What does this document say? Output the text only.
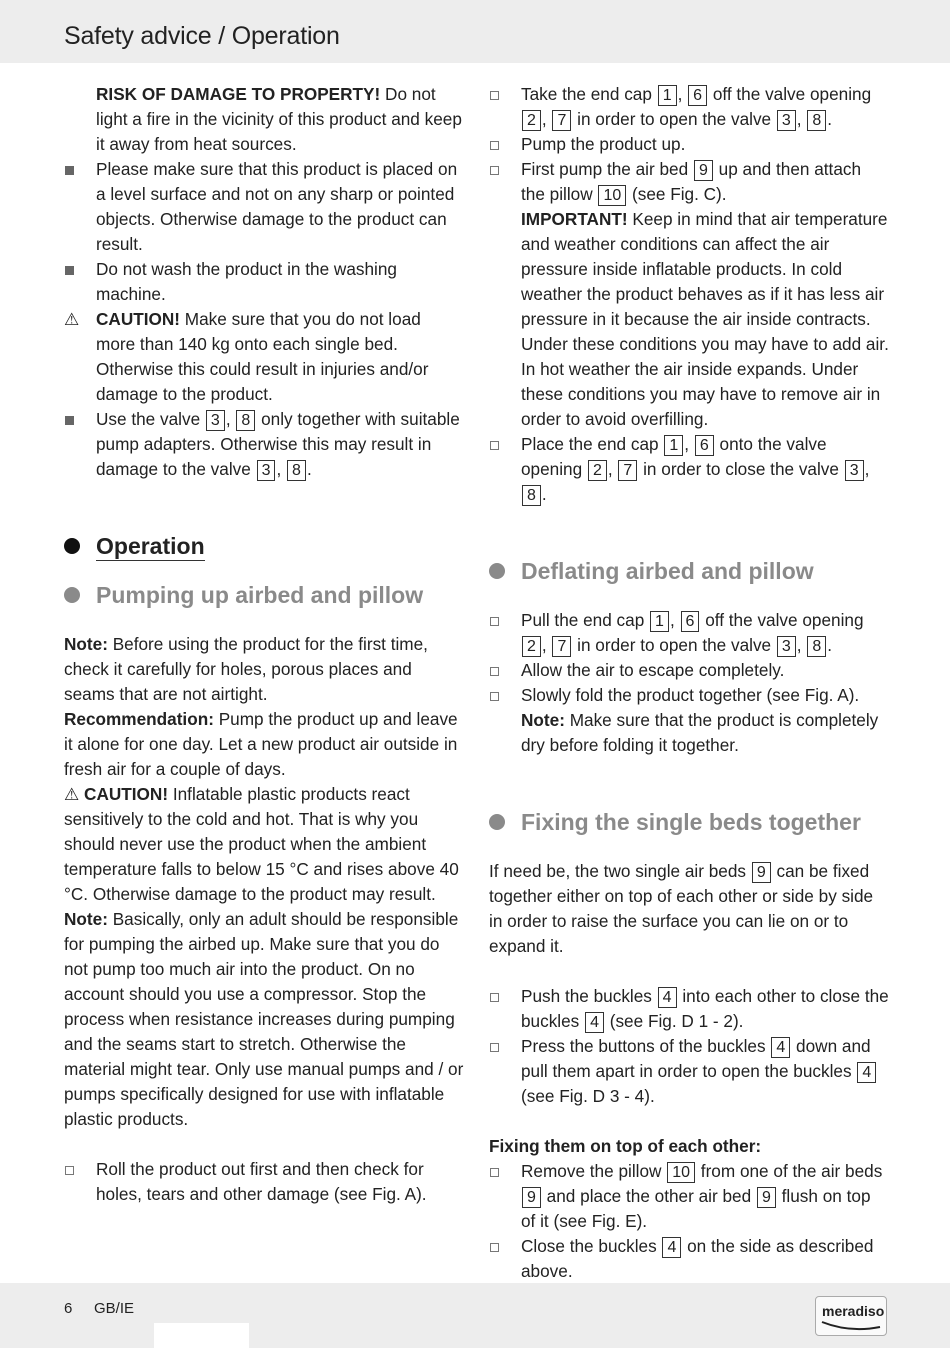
Safety advice / Operation
RISK OF DAMAGE TO PROPERTY! Do not light a fire in the vicinity of this product and keep it away from heat sources.
Please make sure that this product is placed on a level surface and not on any sharp or pointed objects. Otherwise damage to the product can result.
Do not wash the product in the washing machine.
⚠ CAUTION! Make sure that you do not load more than 140 kg onto each single bed. Otherwise this could result in injuries and/or damage to the product.
Use the valve 3 , 8 only together with suitable pump adapters. Otherwise this may result in damage to the valve 3 , 8 .
Operation
Pumping up airbed and pillow
Note: Before using the product for the first time, check it carefully for holes, porous places and seams that are not airtight.
Recommendation: Pump the product up and leave it alone for one day. Let a new product air outside in fresh air for a couple of days.
⚠ CAUTION! Inflatable plastic products react sensitively to the cold and hot. That is why you should never use the product when the ambient temperature falls to below 15 °C and rises above 40 °C. Otherwise damage to the product may result.
Note: Basically, only an adult should be responsible for pumping the airbed up. Make sure that you do not pump too much air into the product. On no account should you use a compressor. Stop the process when resistance increases during pumping and the seams start to stretch. Otherwise the material might tear. Only use manual pumps and / or pumps specifically designed for use with inflatable plastic products.
Roll the product out first and then check for holes, tears and other damage (see Fig. A).
Take the end cap 1 , 6 off the valve opening 2 , 7 in order to open the valve 3 , 8 .
Pump the product up.
First pump the air bed 9 up and then attach the pillow 10 (see Fig. C).
IMPORTANT! Keep in mind that air temperature and weather conditions can affect the air pressure inside inflatable products. In cold weather the product behaves as if it has less air pressure in it because the air inside contracts. Under these conditions you may have to add air. In hot weather the air inside expands. Under these conditions you may have to remove air in order to avoid overfilling.
Place the end cap 1 , 6 onto the valve opening 2 , 7 in order to close the valve 3 , 8 .
Deflating airbed and pillow
Pull the end cap 1 , 6 off the valve opening 2 , 7 in order to open the valve 3 , 8 .
Allow the air to escape completely.
Slowly fold the product together (see Fig. A).
Note: Make sure that the product is completely dry before folding it together.
Fixing the single beds together
If need be, the two single air beds 9 can be fixed together either on top of each other or side by side in order to raise the surface you can lie on or to expand it.
Push the buckles 4 into each other to close the buckles 4 (see Fig. D 1 - 2).
Press the buttons of the buckles 4 down and pull them apart in order to open the buckles 4 (see Fig. D 3 - 4).
Fixing them on top of each other:
Remove the pillow 10 from one of the air beds 9 and place the other air bed 9 flush on top of it (see Fig. E).
Close the buckles 4 on the side as described above.
6 GB/IE	meradiso
